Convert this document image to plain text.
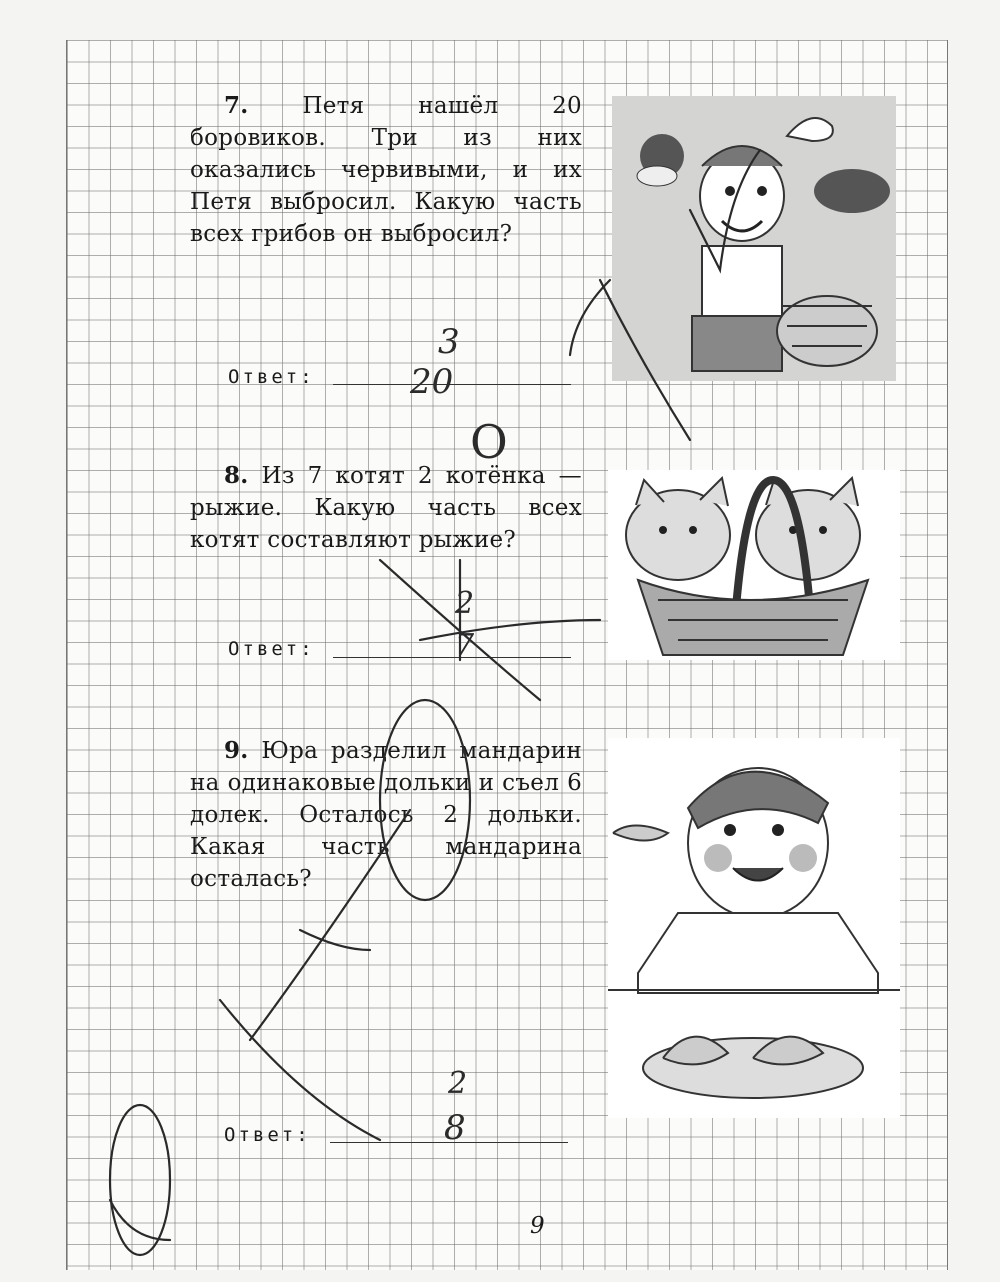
7. Петя нашёл 20 боровиков. Три из них оказались червивыми, и их Петя выбросил. Какую часть всех грибов он выбросил?

Ответ:
3
20

8. Из 7 котят 2 котёнка — рыжие. Какую часть всех котят составляют рыжие?

Ответ:
2
7

9. Юра разделил мандарин на одинаковые дольки и съел 6 долек. Осталось 2 дольки. Какая часть мандарина осталась?

Ответ:
2
8
O
9
